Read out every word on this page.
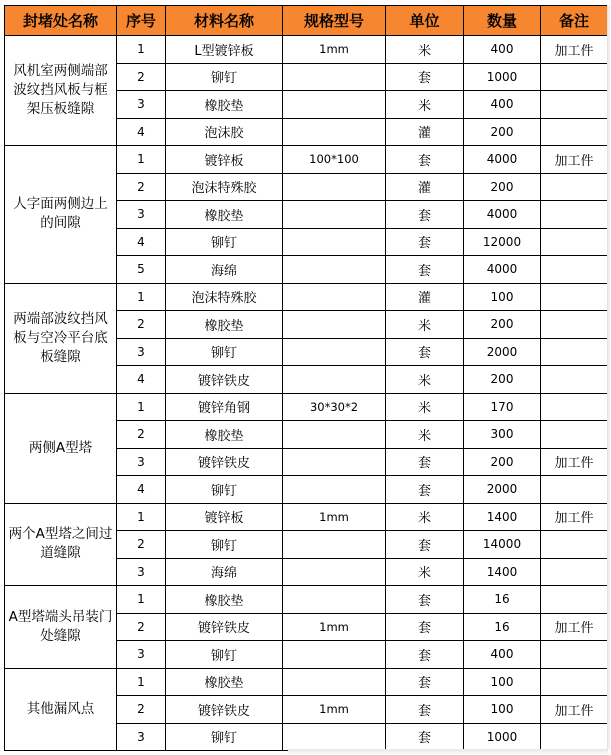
封堵处名称	序号	材料名称	规格型号	单位	数量	备注
风机室两侧端部波纹挡风板与框架压板缝隙	1	L型镀锌板	1mm	米	400	加工件
	2	铆钉		套	1000	
	3	橡胶垫		米	400	
	4	泡沫胶		灌	200	
人字面两侧边上的间隙	1	镀锌板	100*100	套	4000	加工件
	2	泡沫特殊胶		灌	200	
	3	橡胶垫		套	4000	
	4	铆钉		套	12000	
	5	海绵		套	4000	
两端部波纹挡风板与空冷平台底板缝隙	1	泡沫特殊胶		灌	100	
	2	橡胶垫		米	200	
	3	铆钉		套	2000	
	4	镀锌铁皮		米	200	
两侧A型塔	1	镀锌角钢	30*30*2	米	170	
	2	橡胶垫		米	300	
	3	镀锌铁皮		套	200	加工件
	4	铆钉		套	2000	
两个A型塔之间过道缝隙	1	镀锌板	1mm	米	1400	加工件
	2	铆钉		套	14000	
	3	海绵		米	1400	
A型塔端头吊装门处缝隙	1	橡胶垫		套	16	
	2	镀锌铁皮	1mm	套	16	加工件
	3	铆钉		套	400	
其他漏风点	1	橡胶垫		套	100	
	2	镀锌铁皮	1mm	套	100	加工件
	3	铆钉		套	1000	
